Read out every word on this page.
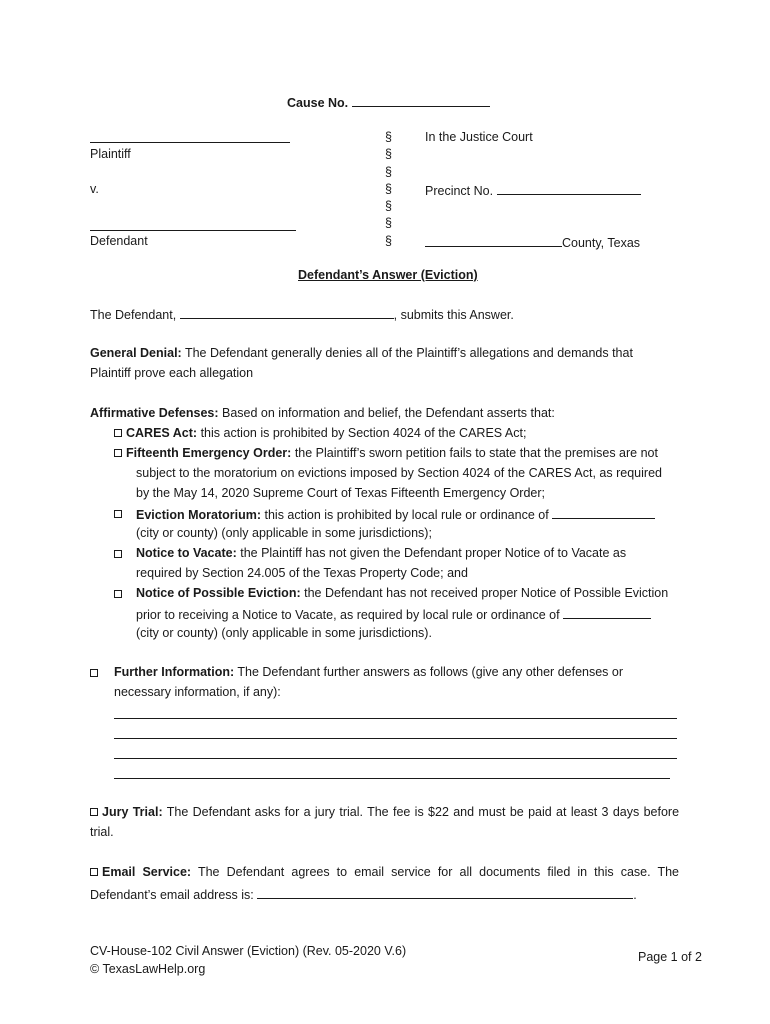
Cause No.
Plaintiff
v.
Defendant
§
§
§
§
§
§
§
In the Justice Court
Precinct No.
County, Texas
Defendant’s Answer (Eviction)
The Defendant,	, submits this Answer.
General Denial: The Defendant generally denies all of the Plaintiff’s allegations and demands that
Plaintiff prove each allegation
Affirmative Defenses: Based on information and belief, the Defendant asserts that:
CARES Act: this action is prohibited by Section 4024 of the CARES Act;
Fifteenth Emergency Order: the Plaintiff’s sworn petition fails to state that the premises are not
subject to the moratorium on evictions imposed by Section 4024 of the CARES Act, as required
by the May 14, 2020 Supreme Court of Texas Fifteenth Emergency Order;
Eviction Moratorium: this action is prohibited by local rule or ordinance of
(city or county) (only applicable in some jurisdictions);
Notice to Vacate: the Plaintiff has not given the Defendant proper Notice of to Vacate as
required by Section 24.005 of the Texas Property Code; and
Notice of Possible Eviction: the Defendant has not received proper Notice of Possible Eviction
prior to receiving a Notice to Vacate, as required by local rule or ordinance of
(city or county) (only applicable in some jurisdictions).
Further Information: The Defendant further answers as follows (give any other defenses or
necessary information, if any):
Jury Trial: The Defendant asks for a jury trial. The fee is $22 and must be paid at least 3 days before
trial.
Email Service: The Defendant agrees to email service for all documents filed in this case. The
Defendant’s email address is:	.
CV-House-102 Civil Answer (Eviction) (Rev. 05-2020 V.6)
© TexasLawHelp.org
Page 1 of 2
